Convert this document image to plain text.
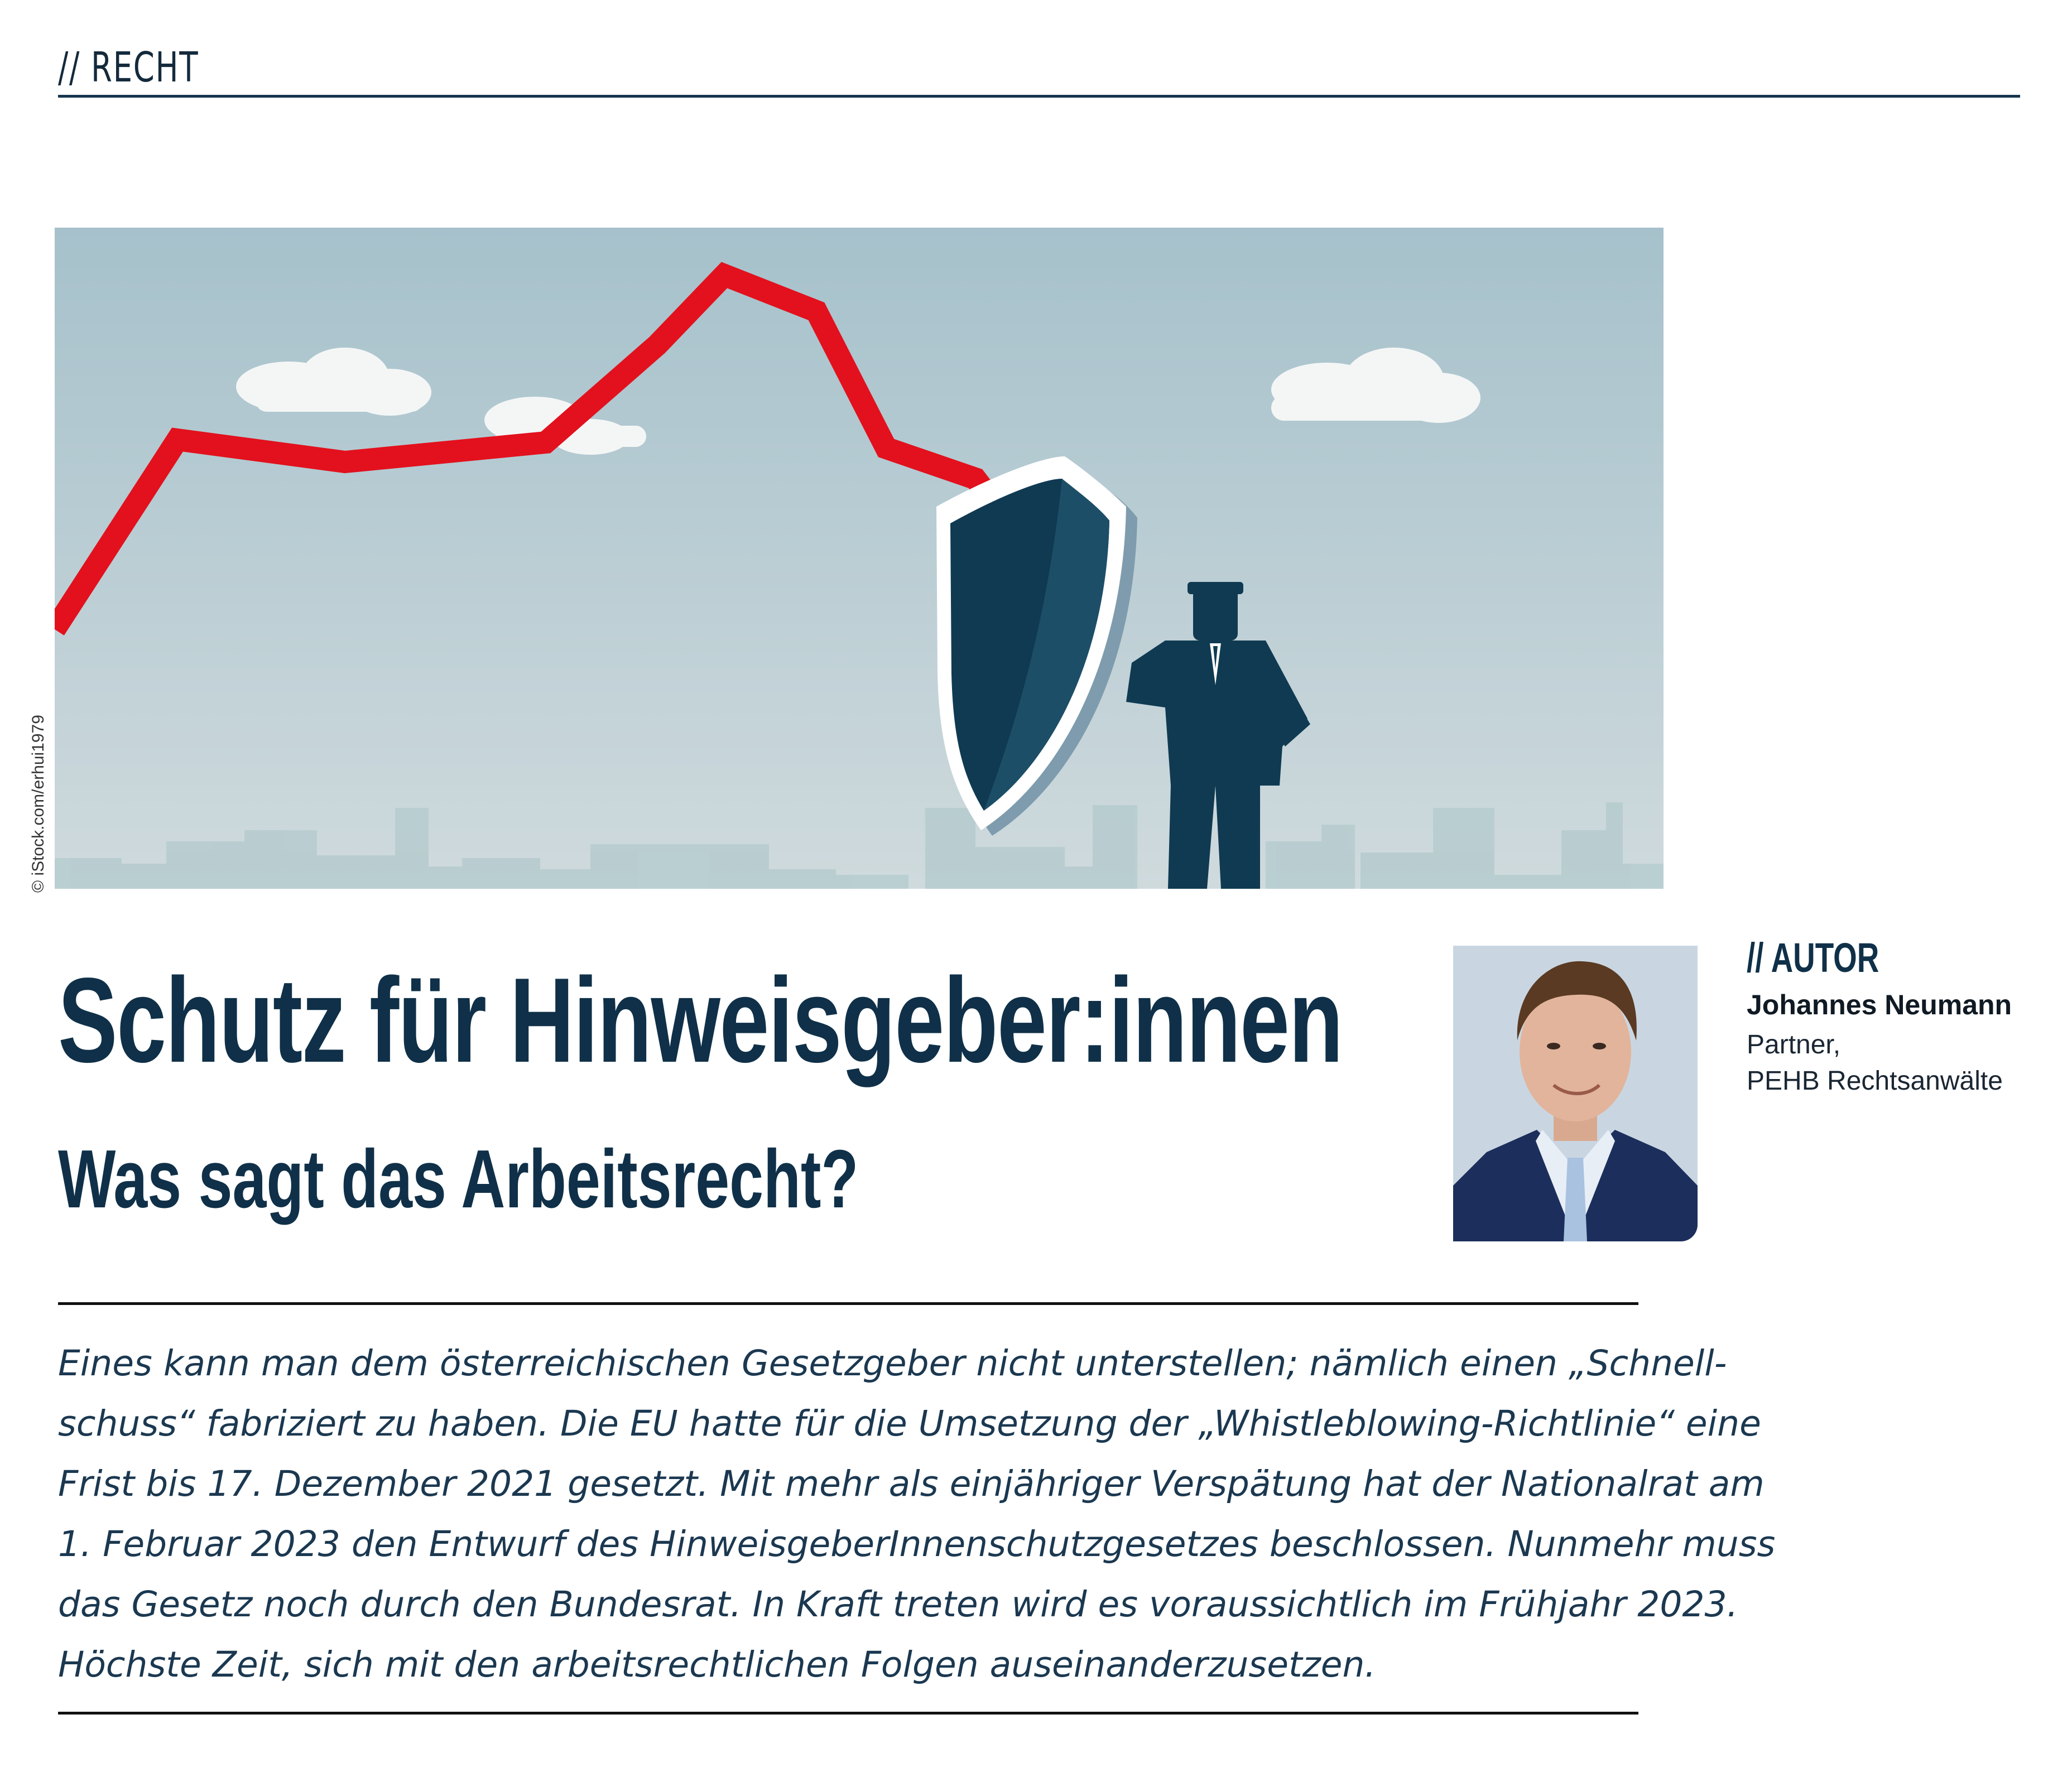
// RECHT
© iStock.com/erhui1979
Schutz für Hinweisgeber:innen
Was sagt das Arbeitsrecht?
// AUTOR
Johannes Neumann
Partner,
PEHB Rechtsanwälte
Eines kann man dem österreichischen Gesetzgeber nicht unterstellen; nämlich einen „Schnell-
schuss“ fabriziert zu haben. Die EU hatte für die Umsetzung der „Whistleblowing-Richtlinie“ eine
Frist bis 17. Dezember 2021 gesetzt. Mit mehr als einjähriger Verspätung hat der Nationalrat am
1. Februar 2023 den Entwurf des HinweisgeberInnenschutzgesetzes beschlossen. Nunmehr muss
das Gesetz noch durch den Bundesrat. In Kraft treten wird es voraussichtlich im Frühjahr 2023.
Höchste Zeit, sich mit den arbeitsrechtlichen Folgen auseinanderzusetzen.
